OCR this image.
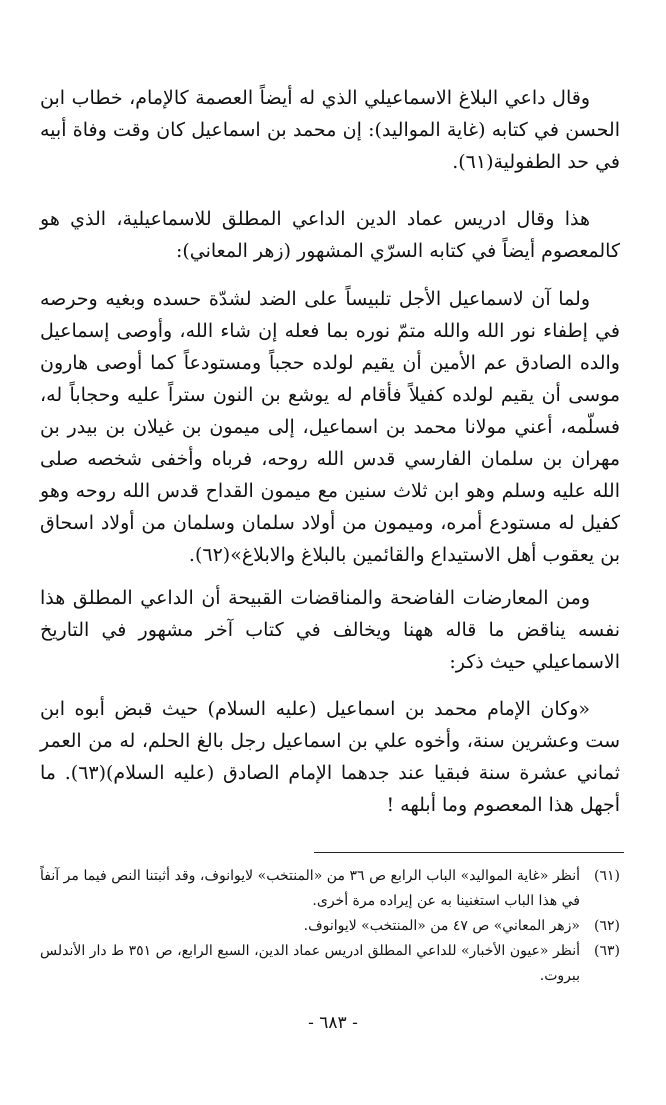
وقال داعي البلاغ الاسماعيلي الذي له أيضاً العصمة كالإمام، خطاب ابن الحسن في كتابه (غاية المواليد): إن محمد بن اسماعيل كان وقت وفاة أبيه في حد الطفولية(٦١).

هذا وقال ادريس عماد الدين الداعي المطلق للاسماعيلية، الذي هو كالمعصوم أيضاً في كتابه السرّي المشهور (زهر المعاني):

ولما آن لاسماعيل الأجل تلبيساً على الضد لشدّة حسده وبغيه وحرصه في إطفاء نور الله والله متمّ نوره بما فعله إن شاء الله، وأوصى إسماعيل والده الصادق عم الأمين أن يقيم لولده حجباً ومستودعاً كما أوصى هارون موسى أن يقيم لولده كفيلاً فأقام له يوشع بن النون ستراً عليه وحجاباً له، فسلّمه، أعني مولانا محمد بن اسماعيل، إلى ميمون بن غيلان بن بيدر بن مهران بن سلمان الفارسي قدس الله روحه، فرباه وأخفى شخصه صلى الله عليه وسلم وهو ابن ثلاث سنين مع ميمون القداح قدس الله روحه وهو كفيل له مستودع أمره، وميمون من أولاد سلمان وسلمان من أولاد اسحاق بن يعقوب أهل الاستيداع والقائمين بالبلاغ والابلاغ»(٦٢).

ومن المعارضات الفاضحة والمناقضات القبيحة أن الداعي المطلق هذا نفسه يناقض ما قاله ههنا ويخالف في كتاب آخر مشهور في التاريخ الاسماعيلي حيث ذكر:

«وكان الإمام محمد بن اسماعيل (عليه السلام) حيث قبض أبوه ابن ست وعشرين سنة، وأخوه علي بن اسماعيل رجل بالغ الحلم، له من العمر ثماني عشرة سنة فبقيا عند جدهما الإمام الصادق (عليه السلام)(٦٣). ما أجهل هذا المعصوم وما أبلهه !

(٦١)
أنظر «غاية المواليد» الباب الرابع ص ٣٦ من «المنتخب» لايوانوف، وقد أثبتنا النص فيما مر آنفاً في هذا الباب استغنينا به عن إيراده مرة أخرى.
(٦٢)
«زهر المعاني» ص ٤٧ من «المنتخب» لايوانوف.
(٦٣)
أنظر «عيون الأخبار» للداعي المطلق ادريس عماد الدين، السبع الرابع، ص ٣٥١ ط دار الأندلس ببروت.
- ٦٨٣ -
